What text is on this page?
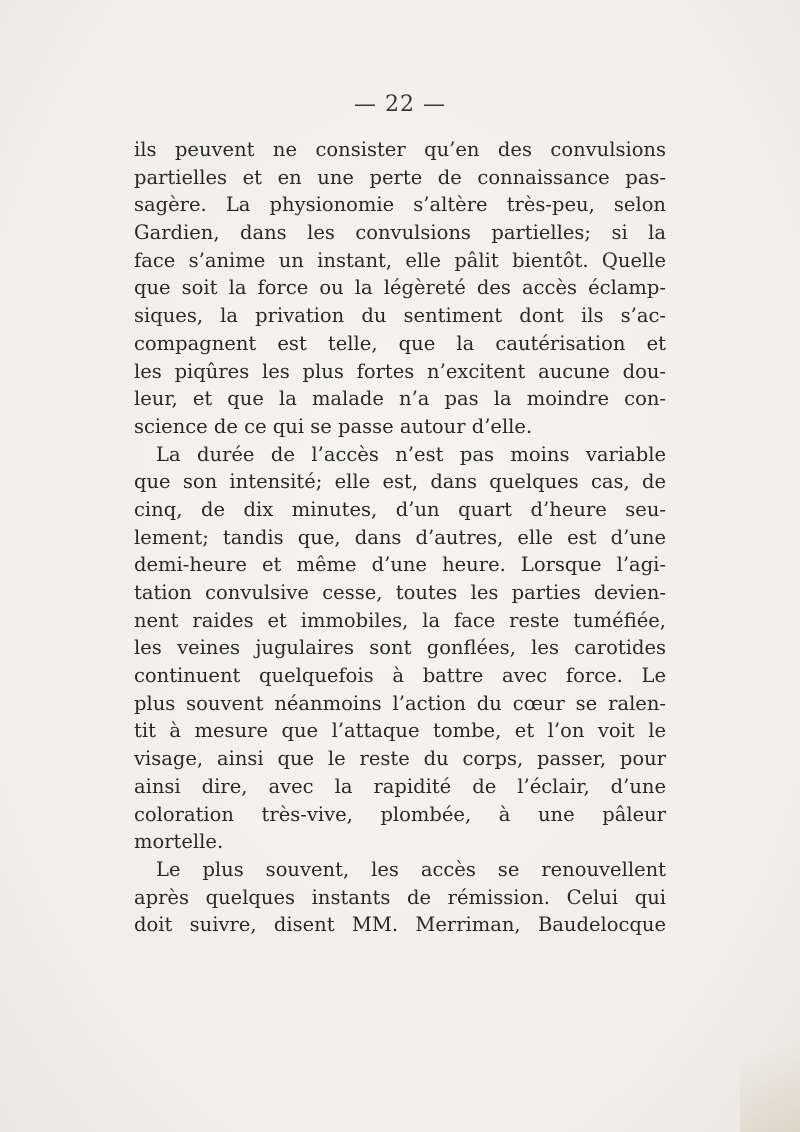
— 22 —
ils peuvent ne consister qu’en des convulsions
partielles et en une perte de connaissance pas-
sagère. La physionomie s’altère très-peu, selon
Gardien, dans les convulsions partielles; si la
face s’anime un instant, elle pâlit bientôt. Quelle
que soit la force ou la légèreté des accès éclamp-
siques, la privation du sentiment dont ils s’ac-
compagnent est telle, que la cautérisation et
les piqûres les plus fortes n’excitent aucune dou-
leur, et que la malade n’a pas la moindre con-
science de ce qui se passe autour d’elle.
La durée de l’accès n’est pas moins variable
que son intensité; elle est, dans quelques cas, de
cinq, de dix minutes, d’un quart d’heure seu-
lement; tandis que, dans d’autres, elle est d’une
demi-heure et même d’une heure. Lorsque l’agi-
tation convulsive cesse, toutes les parties devien-
nent raides et immobiles, la face reste tuméfiée,
les veines jugulaires sont gonflées, les carotides
continuent quelquefois à battre avec force. Le
plus souvent néanmoins l’action du cœur se ralen-
tit à mesure que l’attaque tombe, et l’on voit le
visage, ainsi que le reste du corps, passer, pour
ainsi dire, avec la rapidité de l’éclair, d’une
coloration très-vive, plombée, à une pâleur
mortelle.
Le plus souvent, les accès se renouvellent
après quelques instants de rémission. Celui qui
doit suivre, disent MM. Merriman, Baudelocque
